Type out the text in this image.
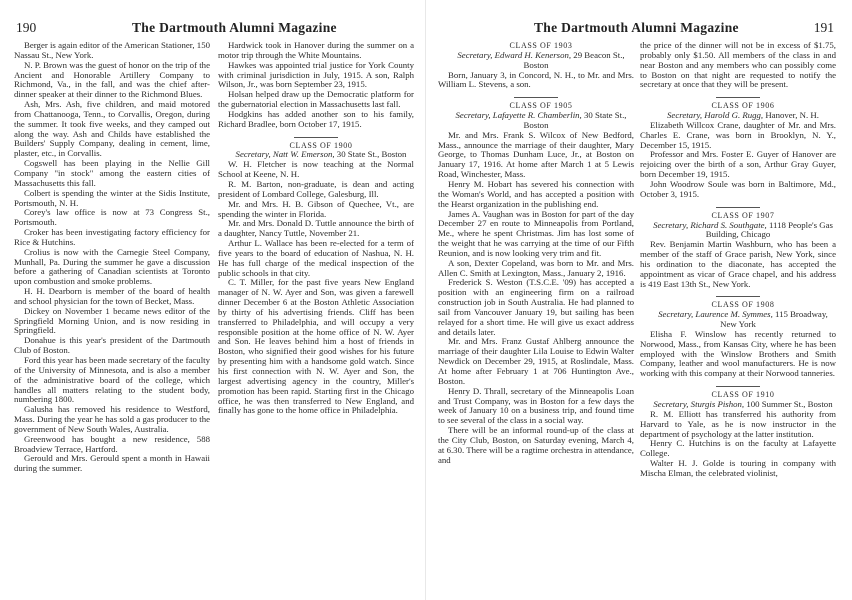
190	The Dartmouth Alumni Magazine

Berger is again editor of the American Stationer, 150 Nassau St., New York.

N. P. Brown was the guest of honor on the trip of the Ancient and Honorable Artillery Company to Richmond, Va., in the fall, and was the chief after-dinner speaker at their dinner to the Richmond Blues.

Ash, Mrs. Ash, five children, and maid motored from Chattanooga, Tenn., to Corvallis, Oregon, during the summer. It took five weeks, and they camped out along the way. Ash and Childs have established the Builders' Supply Company, dealing in cement, lime, plaster, etc., in Corvallis.

Cogswell has been playing in the Nellie Gill Company "in stock" among the eastern cities of Massachusetts this fall.

Colbert is spending the winter at the Sidis Institute, Portsmouth, N. H.

Corey's law office is now at 73 Congress St., Portsmouth.

Croker has been investigating factory efficiency for Rice & Hutchins.

Crolius is now with the Carnegie Steel Company, Munhall, Pa. During the summer he gave a discussion before a gathering of Canadian scientists at Toronto upon combustion and smoke problems.

H. H. Dearborn is member of the board of health and school physician for the town of Becket, Mass.

Dickey on November 1 became news editor of the Springfield Morning Union, and is now residing in Springfield.

Donahue is this year's president of the Dartmouth Club of Boston.

Ford this year has been made secretary of the faculty of the University of Minnesota, and is also a member of the administrative board of the college, which handles all matters relating to the student body, numbering 1800.

Galusha has removed his residence to Westford, Mass. During the year he has sold a gas producer to the government of New South Wales, Australia.

Greenwood has bought a new residence, 588 Broadview Terrace, Hartford.

Gerould and Mrs. Gerould spent a month in Hawaii during the summer.

Hardwick took in Hanover during the summer on a motor trip through the White Mountains.

Hawkes was appointed trial justice for York County with criminal jurisdiction in July, 1915. A son, Ralph Wilson, Jr., was born September 23, 1915.

Holsan helped draw up the Democratic platform for the gubernatorial election in Massachusetts last fall.

Hodgkins has added another son to his family, Richard Bradlee, born October 17, 1915.

CLASS OF 1900

Secretary, Natt W. Emerson, 30 State St., Boston

W. H. Fletcher is now teaching at the Normal School at Keene, N. H.

R. M. Barton, non-graduate, is dean and acting president of Lombard College, Galesburg, Ill.

Mr. and Mrs. H. B. Gibson of Quechee, Vt., are spending the winter in Florida.

Mr. and Mrs. Donald D. Tuttle announce the birth of a daughter, Nancy Tuttle, November 21.

Arthur L. Wallace has been re-elected for a term of five years to the board of education of Nashua, N. H. He has full charge of the medical inspection of the public schools in that city.

C. T. Miller, for the past five years New England manager of N. W. Ayer and Son, was given a farewell dinner December 6 at the Boston Athletic Association by thirty of his advertising friends. Cliff has been transferred to Philadelphia, and will occupy a very responsible position at the home office of N. W. Ayer and Son. He leaves behind him a host of friends in Boston, who signified their good wishes for his future by presenting him with a handsome gold watch. Since his first connection with N. W. Ayer and Son, the largest advertising agency in the country, Miller's promotion has been rapid. Starting first in the Chicago office, he was then transferred to New England, and finally has gone to the home office in Philadelphia.

The Dartmouth Alumni Magazine	191

CLASS OF 1903

Secretary, Edward H. Kenerson, 29 Beacon St., Boston

Born, January 3, in Concord, N. H., to Mr. and Mrs. William L. Stevens, a son.

CLASS OF 1905

Secretary, Lafayette R. Chamberlin, 30 State St., Boston

Mr. and Mrs. Frank S. Wilcox of New Bedford, Mass., announce the marriage of their daughter, Mary George, to Thomas Dunham Luce, Jr., at Boston on January 17, 1916. At home after March 1 at 5 Lewis Road, Winchester, Mass.

Henry M. Hobart has severed his connection with the Woman's World, and has accepted a position with the Hearst organization in the publishing end.

James A. Vaughan was in Boston for part of the day December 27 en route to Minneapolis from Portland, Me., where he spent Christmas. Jim has lost some of the weight that he was carrying at the time of our Fifth Reunion, and is now looking very trim and fit.

A son, Dexter Copeland, was born to Mr. and Mrs. Allen C. Smith at Lexington, Mass., January 2, 1916.

Frederick S. Weston (T.S.C.E. '09) has accepted a position with an engineering firm on a railroad construction job in South Australia. He had planned to sail from Vancouver January 19, but sailing has been relayed for a short time. He will give us exact address and details later.

Mr. and Mrs. Franz Gustaf Ahlberg announce the marriage of their daughter Lila Louise to Edwin Walter Newdick on December 29, 1915, at Roslindale, Mass. At home after February 1 at 706 Huntington Ave., Boston.

Henry D. Thrall, secretary of the Minneapolis Loan and Trust Company, was in Boston for a few days the week of January 10 on a business trip, and found time to see several of the class in a social way.

There will be an informal round-up of the class at the City Club, Boston, on Saturday evening, March 4, at 6.30. There will be a ragtime orchestra in attendance, and

the price of the dinner will not be in excess of $1.75, probably only $1.50. All members of the class in and near Boston and any members who can possibly come to Boston on that night are requested to notify the secretary at once that they will be present.

CLASS OF 1906

Secretary, Harold G. Rugg, Hanover, N. H.

Elizabeth Willcox Crane, daughter of Mr. and Mrs. Charles E. Crane, was born in Brooklyn, N. Y., December 15, 1915.

Professor and Mrs. Foster E. Guyer of Hanover are rejoicing over the birth of a son, Arthur Gray Guyer, born December 19, 1915.

John Woodrow Soule was born in Baltimore, Md., October 3, 1915.

CLASS OF 1907

Secretary, Richard S. Southgate, 1118 People's Gas Building, Chicago

Rev. Benjamin Martin Washburn, who has been a member of the staff of Grace parish, New York, since his ordination to the diaconate, has accepted the appointment as vicar of Grace chapel, and his address is 419 East 13th St., New York.

CLASS OF 1908

Secretary, Laurence M. Symmes, 115 Broadway, New York

Elisha F. Winslow has recently returned to Norwood, Mass., from Kansas City, where he has been employed with the Winslow Brothers and Smith Company, leather and wool manufacturers. He is now working with this company at their Norwood tanneries.

CLASS OF 1910

Secretary, Sturgis Pishon, 100 Summer St., Boston

R. M. Elliott has transferred his authority from Harvard to Yale, as he is now instructor in the department of psychology at the latter institution.

Henry C. Hutchins is on the faculty at Lafayette College.

Walter H. J. Golde is touring in company with Mischa Elman, the celebrated violinist,
